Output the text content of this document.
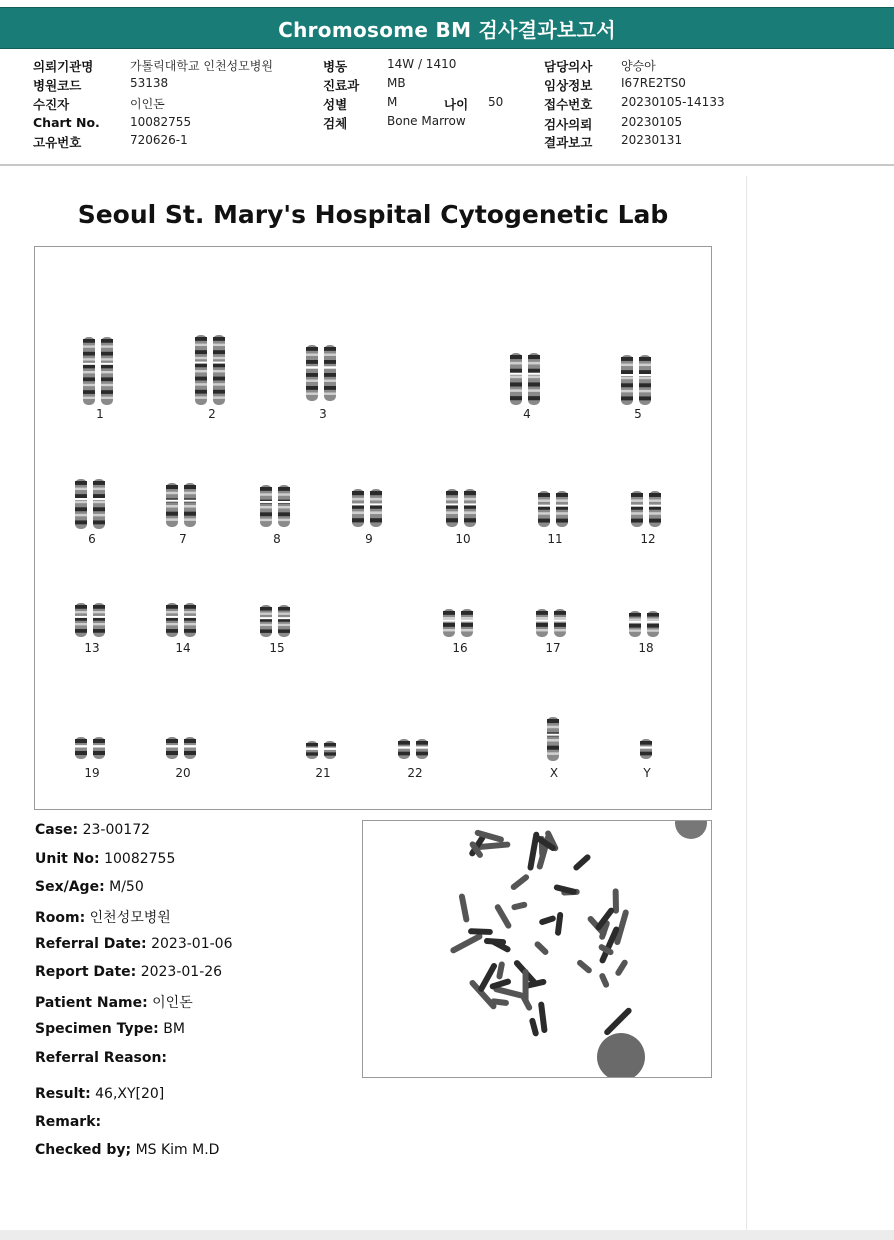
Chromosome BM 검사결과보고서
의뢰기관명	가톨릭대학교 인천성모병원
병원코드	53138
수진자	이인돈
Chart No.	10082755
고유번호	720626-1
병동	14W / 1410
진료과 MB
성별	M	나이 50
검체	Bone Marrow
담당의사 양승아
임상정보 I67RE2TS0
접수번호 20230105-14133
검사의뢰 20230105
결과보고 20230131
Seoul St. Mary's Hospital Cytogenetic Lab
1	2	3	4	5
6	7	8	9	10	11	12
13	14	15	16	17	18
19	20	21	22	X	Y
Case: 23-00172
Unit No: 10082755
Sex/Age: M/50
Room: 인천성모병원
Referral Date: 2023-01-06
Report Date: 2023-01-26
Patient Name: 이인돈
Specimen Type: BM
Referral Reason:
Result: 46,XY[20]
Remark:
Checked by; MS Kim M.D
